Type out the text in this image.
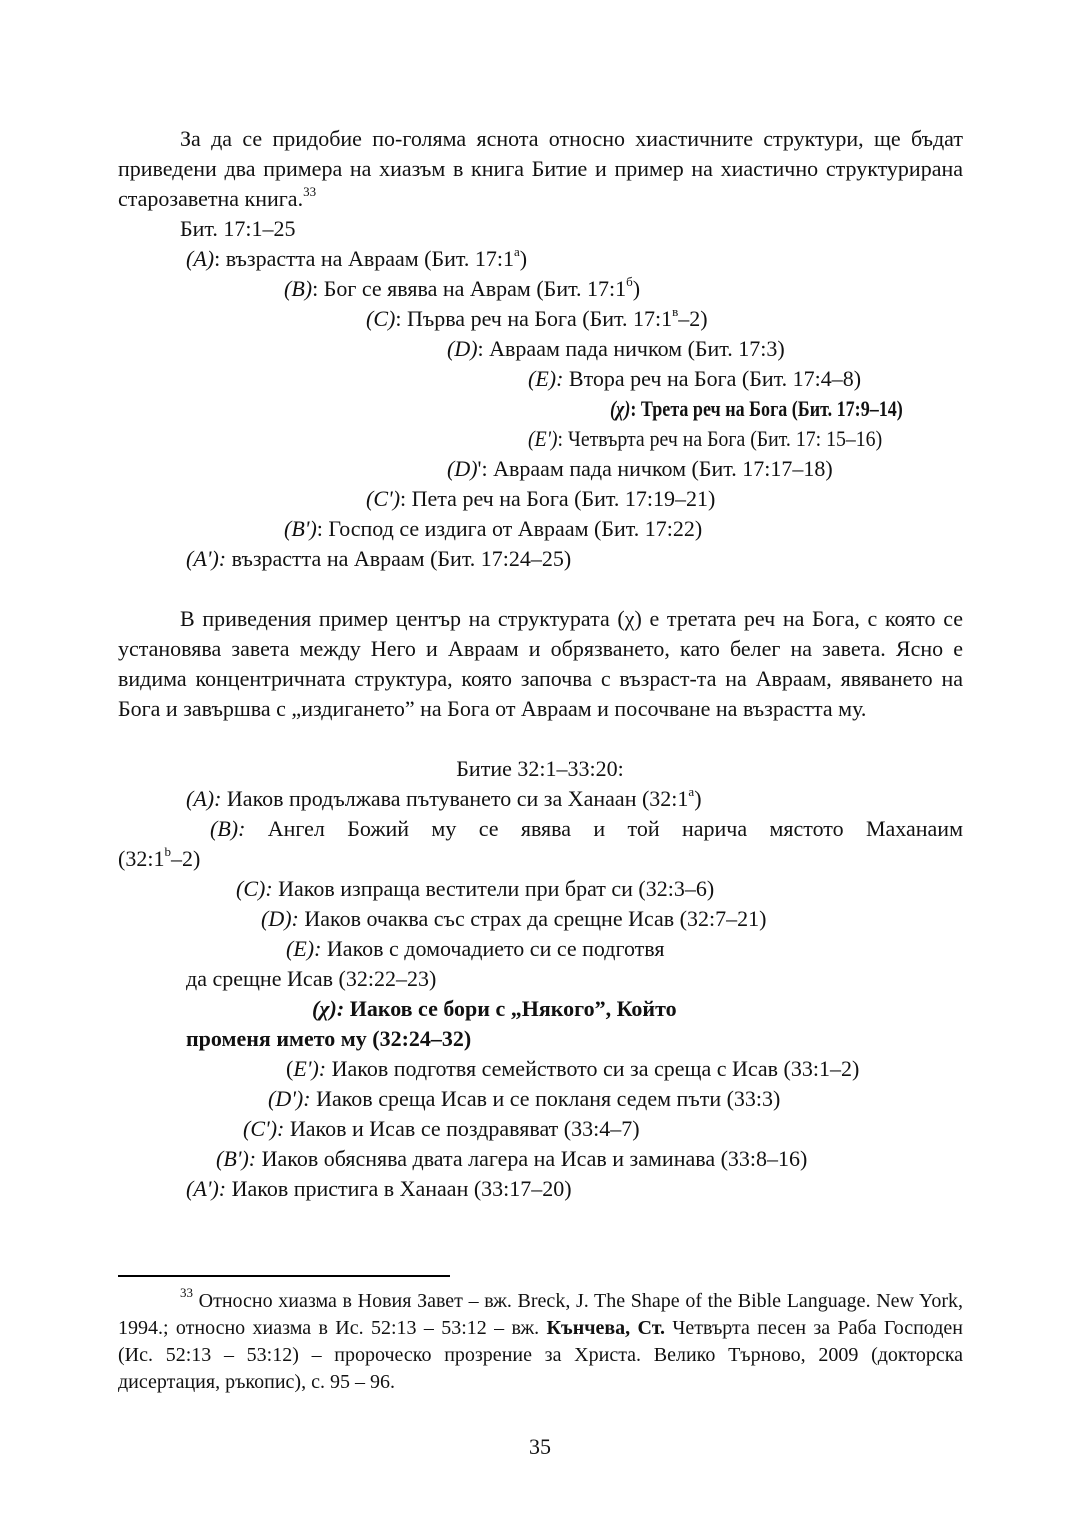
За да се придобие по-голяма яснота относно хиастичните структури, ще бъдат приведени два примера на хиазъм в книга Битие и пример на хиастично структурирана старозаветна книга.$^{33}$

Бит. 17:1–25
(A): възрастта на Авраам (Бит. $17:1^а$)
(B): Бог се явява на Аврам (Бит. $17:1^б$)
(C): Първа реч на Бога (Бит. $17:1^в-2$)
(D): Авраам пада ничком (Бит. 17:3)
(E): Втора реч на Бога (Бит. 17:4–8)
(χ): Трета реч на Бога (Бит. 17:9–14)
(E'): Четвърта реч на Бога (Бит. 17: 15–16)
(D)': Авраам пада ничком (Бит. 17:17–18)
(C'): Пета реч на Бога (Бит. 17:19–21)
(B'): Господ се издига от Авраам (Бит. 17:22)
(A'): възрастта на Авраам (Бит. 17:24–25)

В приведения пример център на структурата (χ) е третата реч на Бога, с която се установява завета между Него и Авраам и обрязването, като белег на завета. Ясно е видима концентричната структура, която започва с възраст-та на Авраам, явяването на Бога и завършва с „издигането” на Бога от Авраам и посочване на възрастта му.

Битие 32:1–33:20:
(A): Иаков продължава пътуването си за Ханаан $(32:1^а)$
(B): Ангел Божий му се явява и той нарича мястото Маханаим
(32:1$^b$–2)
(C): Иаков изпраща вестители при брат си (32:3–6)
(D): Иаков очаква със страх да срещне Исав (32:7–21)
(E): Иаков с домочадието си се подготвя
да срещне Исав (32:22–23)
(χ): Иаков се бори с „Някого”, Който
променя името му (32:24–32)
(E'): Иаков подготвя семейството си за среща с Исав (33:1–2)
(D'): Иаков среща Исав и се покланя седем пъти (33:3)
(C'): Иаков и Исав се поздравяват (33:4–7)
(B'): Иаков обяснява двата лагера на Исав и заминава (33:8–16)
(A'): Иаков пристига в Ханаан (33:17–20)

$^{33}$ Относно хиазма в Новия Завет – вж. Breck, J. The Shape of the Bible Language. New York, 1994.; относно хиазма в Ис. 52:13 – 53:12 – вж. Кънчева, Ст. Четвърта песен за Раба Господен (Ис. 52:13 – 53:12) – пророческо прозрение за Христа. Велико Търново, 2009 (докторска дисертация, ръкопис), с. 95 – 96.

35
